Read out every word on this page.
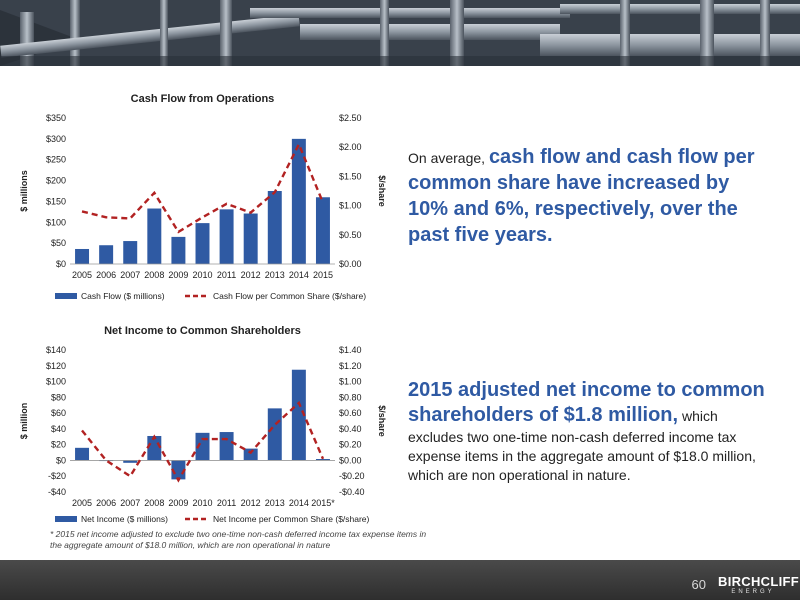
Cash Flow from Operations
$0
$50
$100
$150
$200
$250
$300
$350
$0.00
$0.50
$1.00
$1.50
$2.00
$2.50
$ millions	$/share
2005 2006 2007 2008 2009 2010 2011 2012 2013 2014 2015
Cash Flow ($ millions)	Cash Flow per Common Share ($/share)
Net Income to Common Shareholders
-$40
-$20
$0
$20
$40
$60
$80
$100
$120
$140
-$0.40
-$0.20
$0.00
$0.20
$0.40
$0.60
$0.80
$1.00
$1.20
$1.40
$ million	$/share
2005 2006 2007 2008 2009 2010 2011 2012 2013 2014 2015*
Net Income ($ millions)	Net Income per Common Share ($/share)
On average, cash flow and cash flow per common share have increased by 10% and 6%, respectively, over the past five years.
2015 adjusted net income to common shareholders of $1.8 million, which excludes two one-time non-cash deferred income tax expense items in the aggregate amount of $18.0 million, which are non operational in nature.
* 2015 net income adjusted to exclude two one-time non-cash deferred income tax expense items in the aggregate amount of $18.0 million, which are non operational in nature
60 BIRCHCLIFF
ENERGY
